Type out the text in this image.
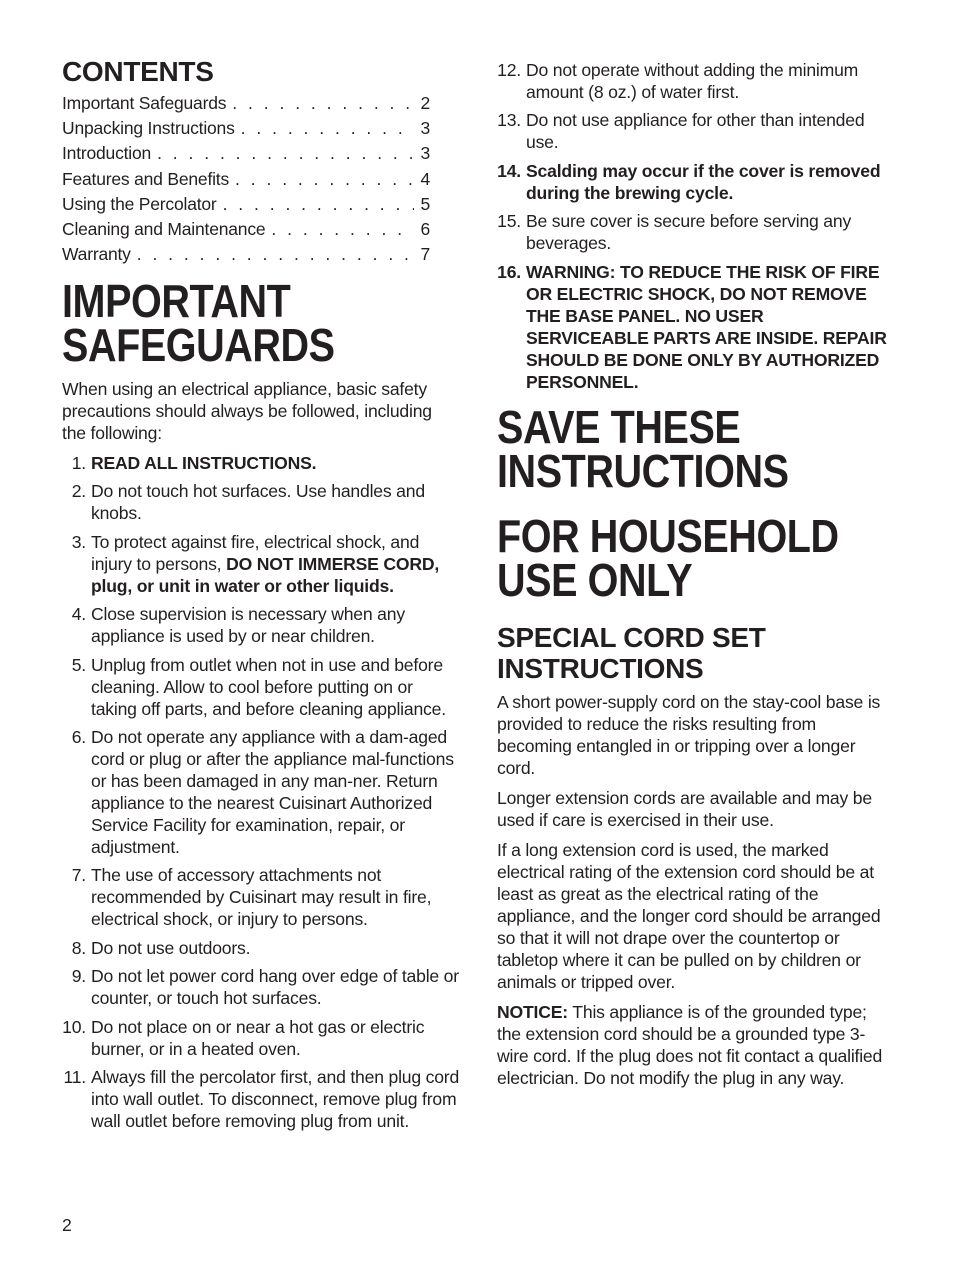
CONTENTS
Important Safeguards . . .	2
Unpacking Instructions . . .	3
Introduction . . .	3
Features and Benefits . . .	4
Using the Percolator . . .	5
Cleaning and Maintenance . . .	6
Warranty . . .	7
IMPORTANT
SAFEGUARDS

When using an electrical appliance, basic safety precautions should always be followed, including the following:

1. READ ALL INSTRUCTIONS.
2. Do not touch hot surfaces. Use handles and knobs.
3. To protect against fire, electrical shock, and injury to persons, DO NOT IMMERSE CORD, plug, or unit in water or other liquids.
4. Close supervision is necessary when any appliance is used by or near children.
5. Unplug from outlet when not in use and before cleaning. Allow to cool before putting on or taking off parts, and before cleaning appliance.
6. Do not operate any appliance with a dam-aged cord or plug or after the appliance mal-functions or has been damaged in any man-ner. Return appliance to the nearest Cuisinart Authorized Service Facility for examination, repair, or adjustment.
7. The use of accessory attachments not recommended by Cuisinart may result in fire, electrical shock, or injury to persons.
8. Do not use outdoors.
9. Do not let power cord hang over edge of table or counter, or touch hot surfaces.
10. Do not place on or near a hot gas or electric burner, or in a heated oven.
11. Always fill the percolator first, and then plug cord into wall outlet. To disconnect, remove plug from wall outlet before removing plug from unit.
2
12. Do not operate without adding the minimum amount (8 oz.) of water first.
13. Do not use appliance for other than intended use.
14. Scalding may occur if the cover is removed during the brewing cycle.
15. Be sure cover is secure before serving any beverages.
16. WARNING: TO REDUCE THE RISK OF FIRE OR ELECTRIC SHOCK, DO NOT REMOVE THE BASE PANEL. NO USER SERVICEABLE PARTS ARE INSIDE. REPAIR SHOULD BE DONE ONLY BY AUTHORIZED PERSONNEL.
SAVE THESE
INSTRUCTIONS
FOR HOUSEHOLD
USE ONLY
SPECIAL CORD SET
INSTRUCTIONS

A short power-supply cord on the stay-cool base is provided to reduce the risks resulting from becoming entangled in or tripping over a longer cord.

Longer extension cords are available and may be used if care is exercised in their use.

If a long extension cord is used, the marked electrical rating of the extension cord should be at least as great as the electrical rating of the appliance, and the longer cord should be arranged so that it will not drape over the countertop or tabletop where it can be pulled on by children or animals or tripped over.

NOTICE: This appliance is of the grounded type; the extension cord should be a grounded type 3-wire cord. If the plug does not fit contact a qualified electrician. Do not modify the plug in any way.
